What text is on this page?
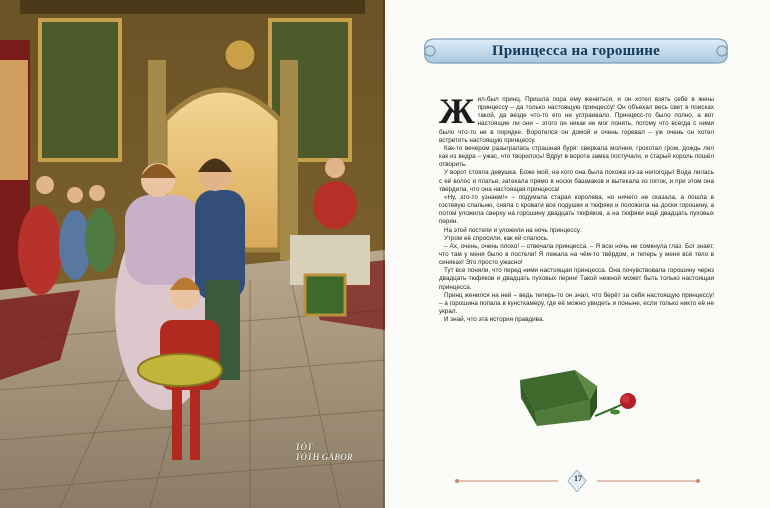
TÓT
TÓTH GÁBOR
Принцесса на горошине

Жил-был принц. Пришла пора ему жениться, и он хотел взять себе в жены принцессу – да только настоящую принцессу! Он объехал весь свет в поисках такой, да везде что-то его не устраивало. Принцесс-то было полно, а вот настоящие ли они – этого он никак не мог понять, потому что всегда с ними было что-то не в порядке. Воротился он домой и очень горевал – уж очень он хотел встретить настоящую принцессу.

Как-то вечером разыгралась страшная буря: сверкала молния, грохотал гром, дождь лил как из ведра – ужас, что творилось! Вдруг в ворота замка постучали, и старый король пошёл отворить.

У ворот стояла девушка. Боже мой, на кого она была похожа из-за непогоды! Вода лилась с её волос и платья, затекала прямо в носки башмаков и вытекала из пяток, и при этом она твердила, что она настоящая принцесса!

«Ну, это-то узнаем!» – подумала старая королева, но ничего не сказала, а пошла в гостевую спальню, сняла с кровати все подушки и тюфяки и положила на доски горошину, а потом уложила сверху на горошину двадцать тюфяков, а на тюфяки ещё двадцать пуховых перин.

На этой постели и уложили на ночь принцессу.

Утром её спросили, как ей спалось.

– Ах, очень, очень плохо! – отвечала принцесса. – Я всю ночь не сомкнула глаз. Бог знает, что там у меня было в постели! Я лежала на чём-то твёрдом, и теперь у меня всё тело в синяках! Это просто ужасно!

Тут все поняли, что перед ними настоящая принцесса. Она почувствовала горошину через двадцать тюфяков и двадцать пуховых перин! Такой нежной может быть только настоящая принцесса.

Принц женился на ней – ведь теперь-то он знал, что берёт за себя настоящую принцессу! – а горошина попала в кунсткамеру, где её можно увидеть и поныне, если только никто её не украл.

И знай, что эта история правдива.

17
